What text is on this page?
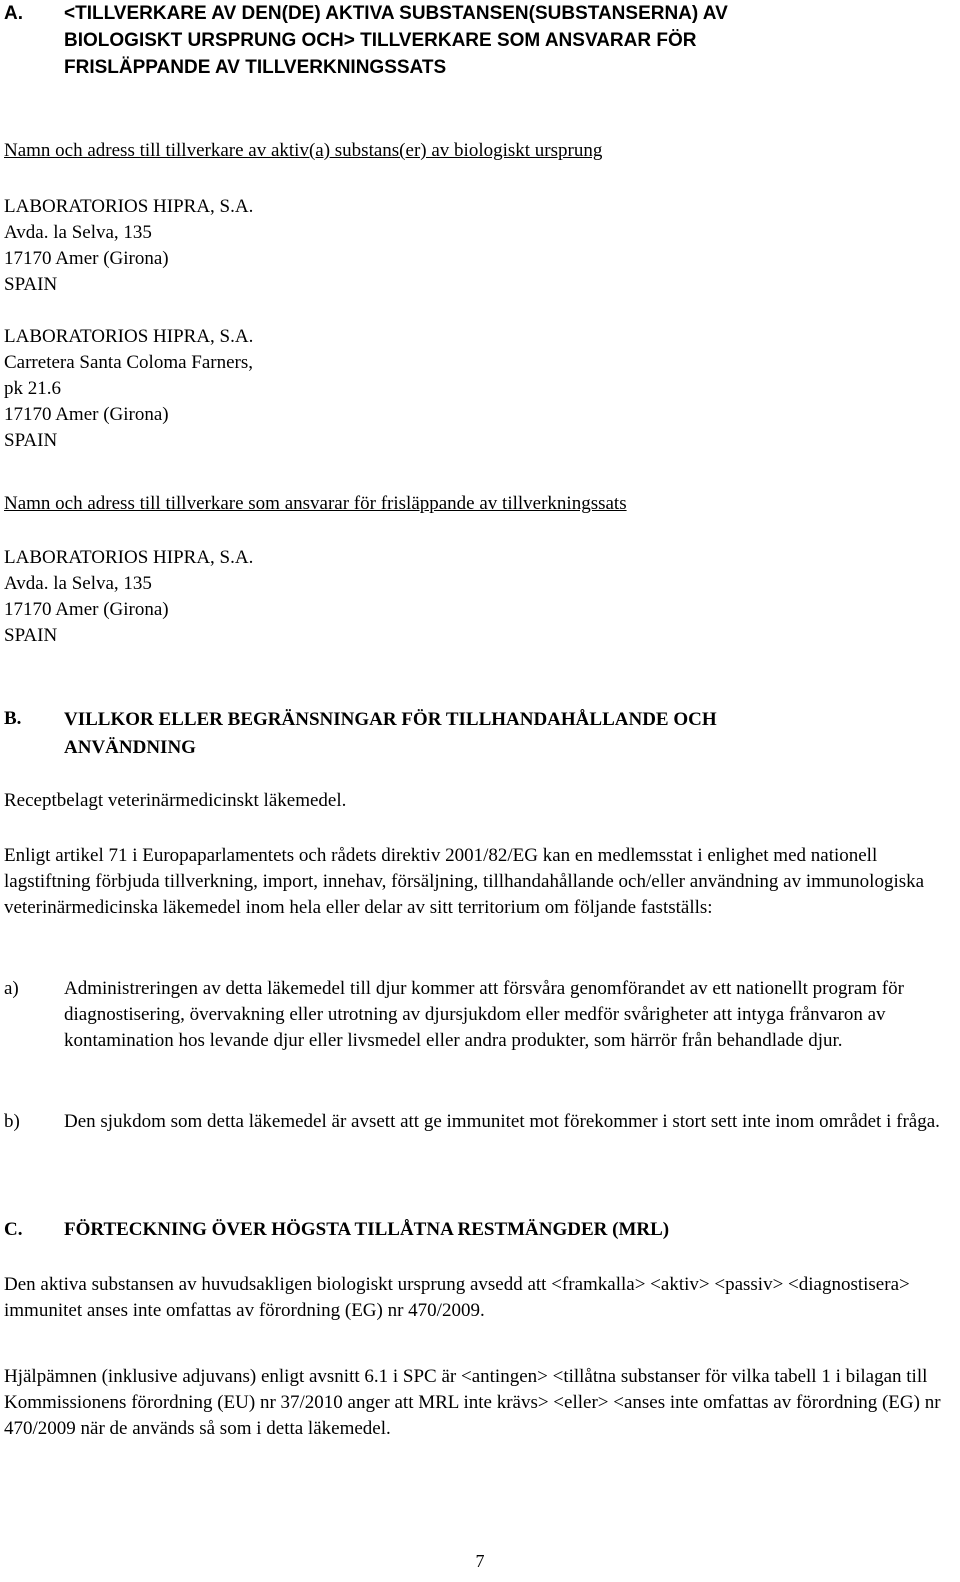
A. <TILLVERKARE AV DEN(DE) AKTIVA SUBSTANSEN(SUBSTANSERNA) AV
BIOLOGISKT URSPRUNG OCH> TILLVERKARE SOM ANSVARAR FÖR
FRISLÄPPANDE AV TILLVERKNINGSSATS
Namn och adress till tillverkare av aktiv(a) substans(er) av biologiskt ursprung
LABORATORIOS HIPRA, S.A.
Avda. la Selva, 135
17170 Amer (Girona)
SPAIN
LABORATORIOS HIPRA, S.A.
Carretera Santa Coloma Farners,
pk 21.6
17170 Amer (Girona)
SPAIN
Namn och adress till tillverkare som ansvarar för frisläppande av tillverkningssats
LABORATORIOS HIPRA, S.A.
Avda. la Selva, 135
17170 Amer (Girona)
SPAIN
B. VILLKOR ELLER BEGRÄNSNINGAR FÖR TILLHANDAHÅLLANDE OCH
ANVÄNDNING
Receptbelagt veterinärmedicinskt läkemedel.
Enligt artikel 71 i Europaparlamentets och rådets direktiv 2001/82/EG kan en medlemsstat i enlighet med nationell lagstiftning förbjuda tillverkning, import, innehav, försäljning, tillhandahållande och/eller användning av immunologiska veterinärmedicinska läkemedel inom hela eller delar av sitt territorium om följande fastställs:
a) Administreringen av detta läkemedel till djur kommer att försvåra genomförandet av ett nationellt program för diagnostisering, övervakning eller utrotning av djursjukdom eller medför svårigheter att intyga frånvaron av kontamination hos levande djur eller livsmedel eller andra produkter, som härrör från behandlade djur.
b) Den sjukdom som detta läkemedel är avsett att ge immunitet mot förekommer i stort sett inte inom området i fråga.
C. FÖRTECKNING ÖVER HÖGSTA TILLÅTNA RESTMÄNGDER (MRL)
Den aktiva substansen av huvudsakligen biologiskt ursprung avsedd att <framkalla> <aktiv> <passiv> <diagnostisera> immunitet anses inte omfattas av förordning (EG) nr 470/2009.
Hjälpämnen (inklusive adjuvans) enligt avsnitt 6.1 i SPC är <antingen> <tillåtna substanser för vilka tabell 1 i bilagan till Kommissionens förordning (EU) nr 37/2010 anger att MRL inte krävs> <eller> <anses inte omfattas av förordning (EG) nr 470/2009 när de används så som i detta läkemedel.
7
